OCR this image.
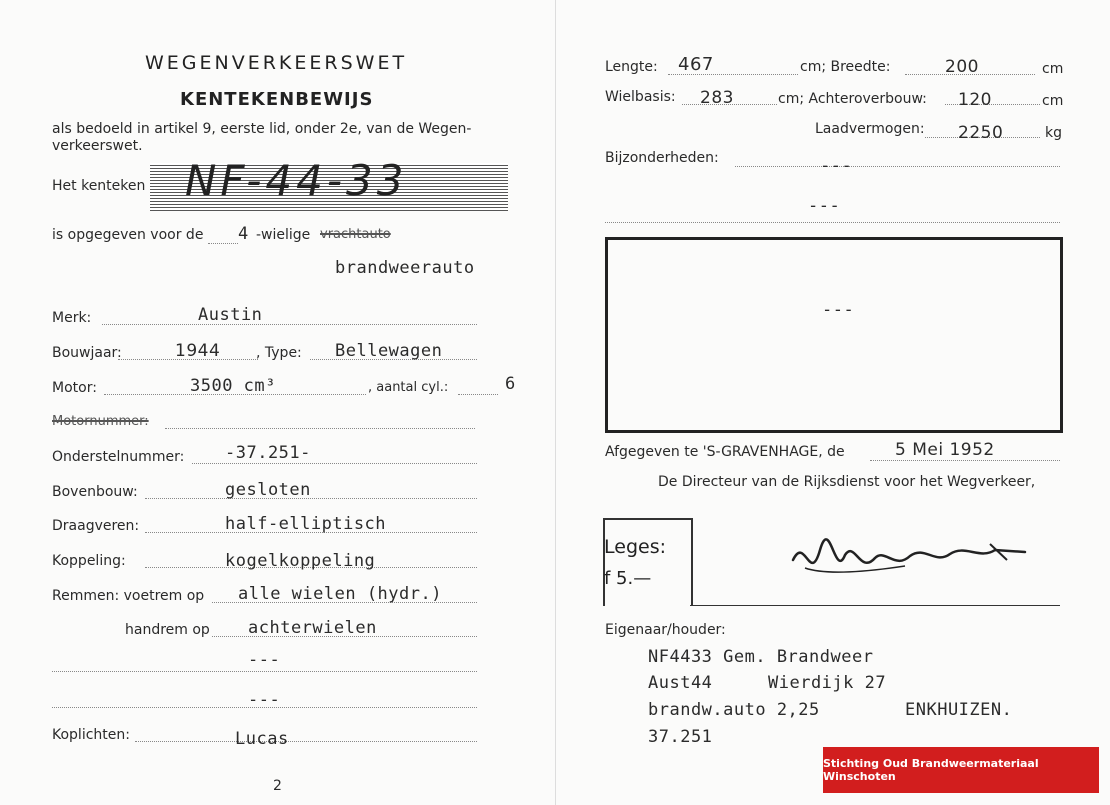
WEGENVERKEERSWET
KENTEKENBEWIJS
als bedoeld in artikel 9, eerste lid, onder 2e, van de Wegen-
verkeerswet.
Het kenteken NF-44-33
is opgegeven voor de 4 -wielige vrachtauto
brandweerauto
Merk:	Austin
Bouwjaar:	1944	, Type: Bellewagen
Motor:	3500 cm³	, aantal cyl.:	6
Motornummer:
Onderstelnummer: -37.251-
Bovenbouw:	gesloten
Draagveren:	half-elliptisch
Koppeling:	kogelkoppeling
Remmen: voetrem op alle wielen (hydr.)
handrem op achterwielen
---
---
Koplichten:	Lucas
2
Lengte: 467	cm; Breedte:	200	cm
Wielbasis: 283	cm; Achteroverbouw: 120	cm
Laadvermogen: 2250	kg
Bijzonderheden:	---
---
---
Afgegeven te 'S-GRAVENHAGE, de	5 Mei 1952
De Directeur van de Rijksdienst voor het Wegverkeer,
Leges:
f 5.—
Eigenaar/houder:
NF4433 Gem. Brandweer
Aust44	Wierdijk 27
brandw.auto 2,25	ENKHUIZEN.
37.251
Stichting Oud Brandweermateriaal Winschoten
